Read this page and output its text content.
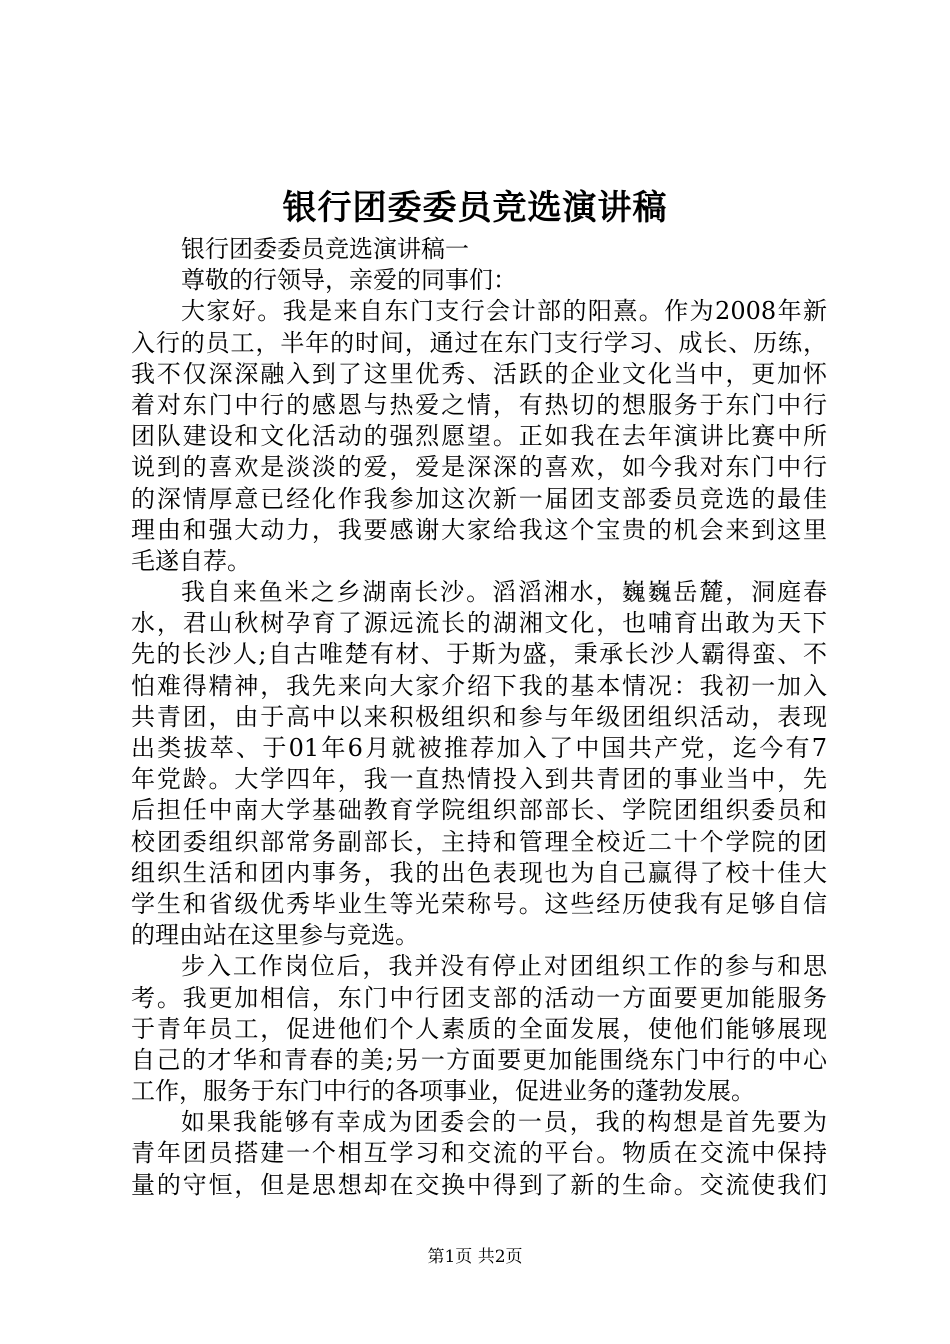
银行团委委员竞选演讲稿
银行团委委员竞选演讲稿一
尊敬的行领导，亲爱的同事们：
大家好。我是来自东门支行会计部的阳熹。作为2008年新
入行的员工，半年的时间，通过在东门支行学习、成长、历练，
我不仅深深融入到了这里优秀、活跃的企业文化当中，更加怀
着对东门中行的感恩与热爱之情，有热切的想服务于东门中行
团队建设和文化活动的强烈愿望。正如我在去年演讲比赛中所
说到的喜欢是淡淡的爱，爱是深深的喜欢，如今我对东门中行
的深情厚意已经化作我参加这次新一届团支部委员竞选的最佳
理由和强大动力，我要感谢大家给我这个宝贵的机会来到这里
毛遂自荐。
我自来鱼米之乡湖南长沙。滔滔湘水，巍巍岳麓，洞庭春
水，君山秋树孕育了源远流长的湖湘文化，也哺育出敢为天下
先的长沙人;自古唯楚有材、于斯为盛，秉承长沙人霸得蛮、不
怕难得精神，我先来向大家介绍下我的基本情况：我初一加入
共青团，由于高中以来积极组织和参与年级团组织活动，表现
出类拔萃、于01年6月就被推荐加入了中国共产党，迄今有7
年党龄。大学四年，我一直热情投入到共青团的事业当中，先
后担任中南大学基础教育学院组织部部长、学院团组织委员和
校团委组织部常务副部长，主持和管理全校近二十个学院的团
组织生活和团内事务，我的出色表现也为自己赢得了校十佳大
学生和省级优秀毕业生等光荣称号。这些经历使我有足够自信
的理由站在这里参与竞选。
步入工作岗位后，我并没有停止对团组织工作的参与和思
考。我更加相信，东门中行团支部的活动一方面要更加能服务
于青年员工，促进他们个人素质的全面发展，使他们能够展现
自己的才华和青春的美;另一方面要更加能围绕东门中行的中心
工作，服务于东门中行的各项事业，促进业务的蓬勃发展。
如果我能够有幸成为团委会的一员，我的构想是首先要为
青年团员搭建一个相互学习和交流的平台。物质在交流中保持
量的守恒，但是思想却在交换中得到了新的生命。交流使我们
第1页 共2页
